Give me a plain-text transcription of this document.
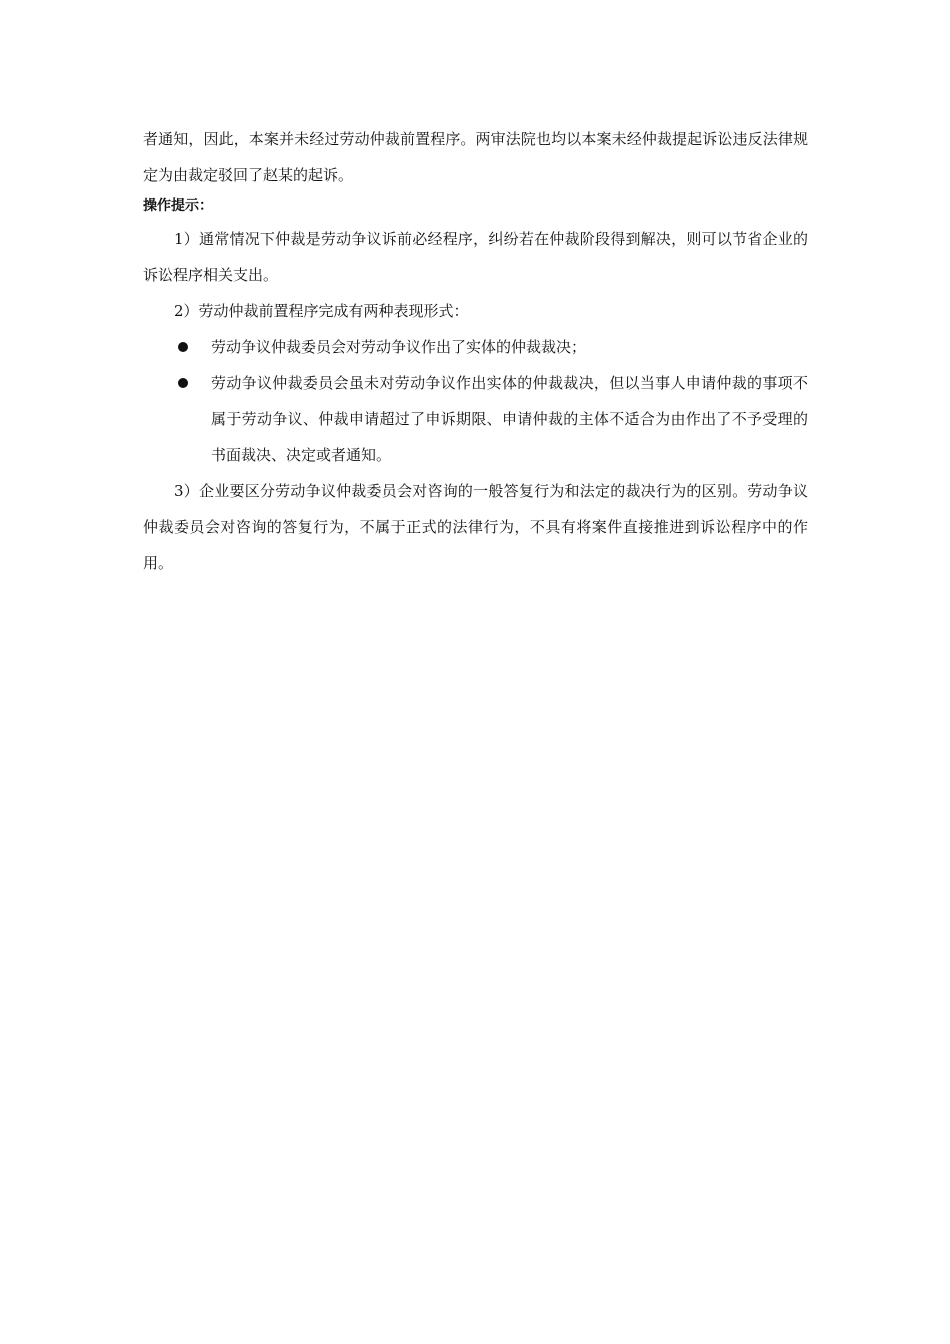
者通知，因此，本案并未经过劳动仲裁前置程序。两审法院也均以本案未经仲裁提起诉讼违反法律规定为由裁定驳回了赵某的起诉。

操作提示：

1）通常情况下仲裁是劳动争议诉前必经程序，纠纷若在仲裁阶段得到解决，则可以节省企业的诉讼程序相关支出。

2）劳动仲裁前置程序完成有两种表现形式：

劳动争议仲裁委员会对劳动争议作出了实体的仲裁裁决；
劳动争议仲裁委员会虽未对劳动争议作出实体的仲裁裁决，但以当事人申请仲裁的事项不属于劳动争议、仲裁申请超过了申诉期限、申请仲裁的主体不适合为由作出了不予受理的书面裁决、决定或者通知。

3）企业要区分劳动争议仲裁委员会对咨询的一般答复行为和法定的裁决行为的区别。劳动争议仲裁委员会对咨询的答复行为，不属于正式的法律行为，不具有将案件直接推进到诉讼程序中的作用。
